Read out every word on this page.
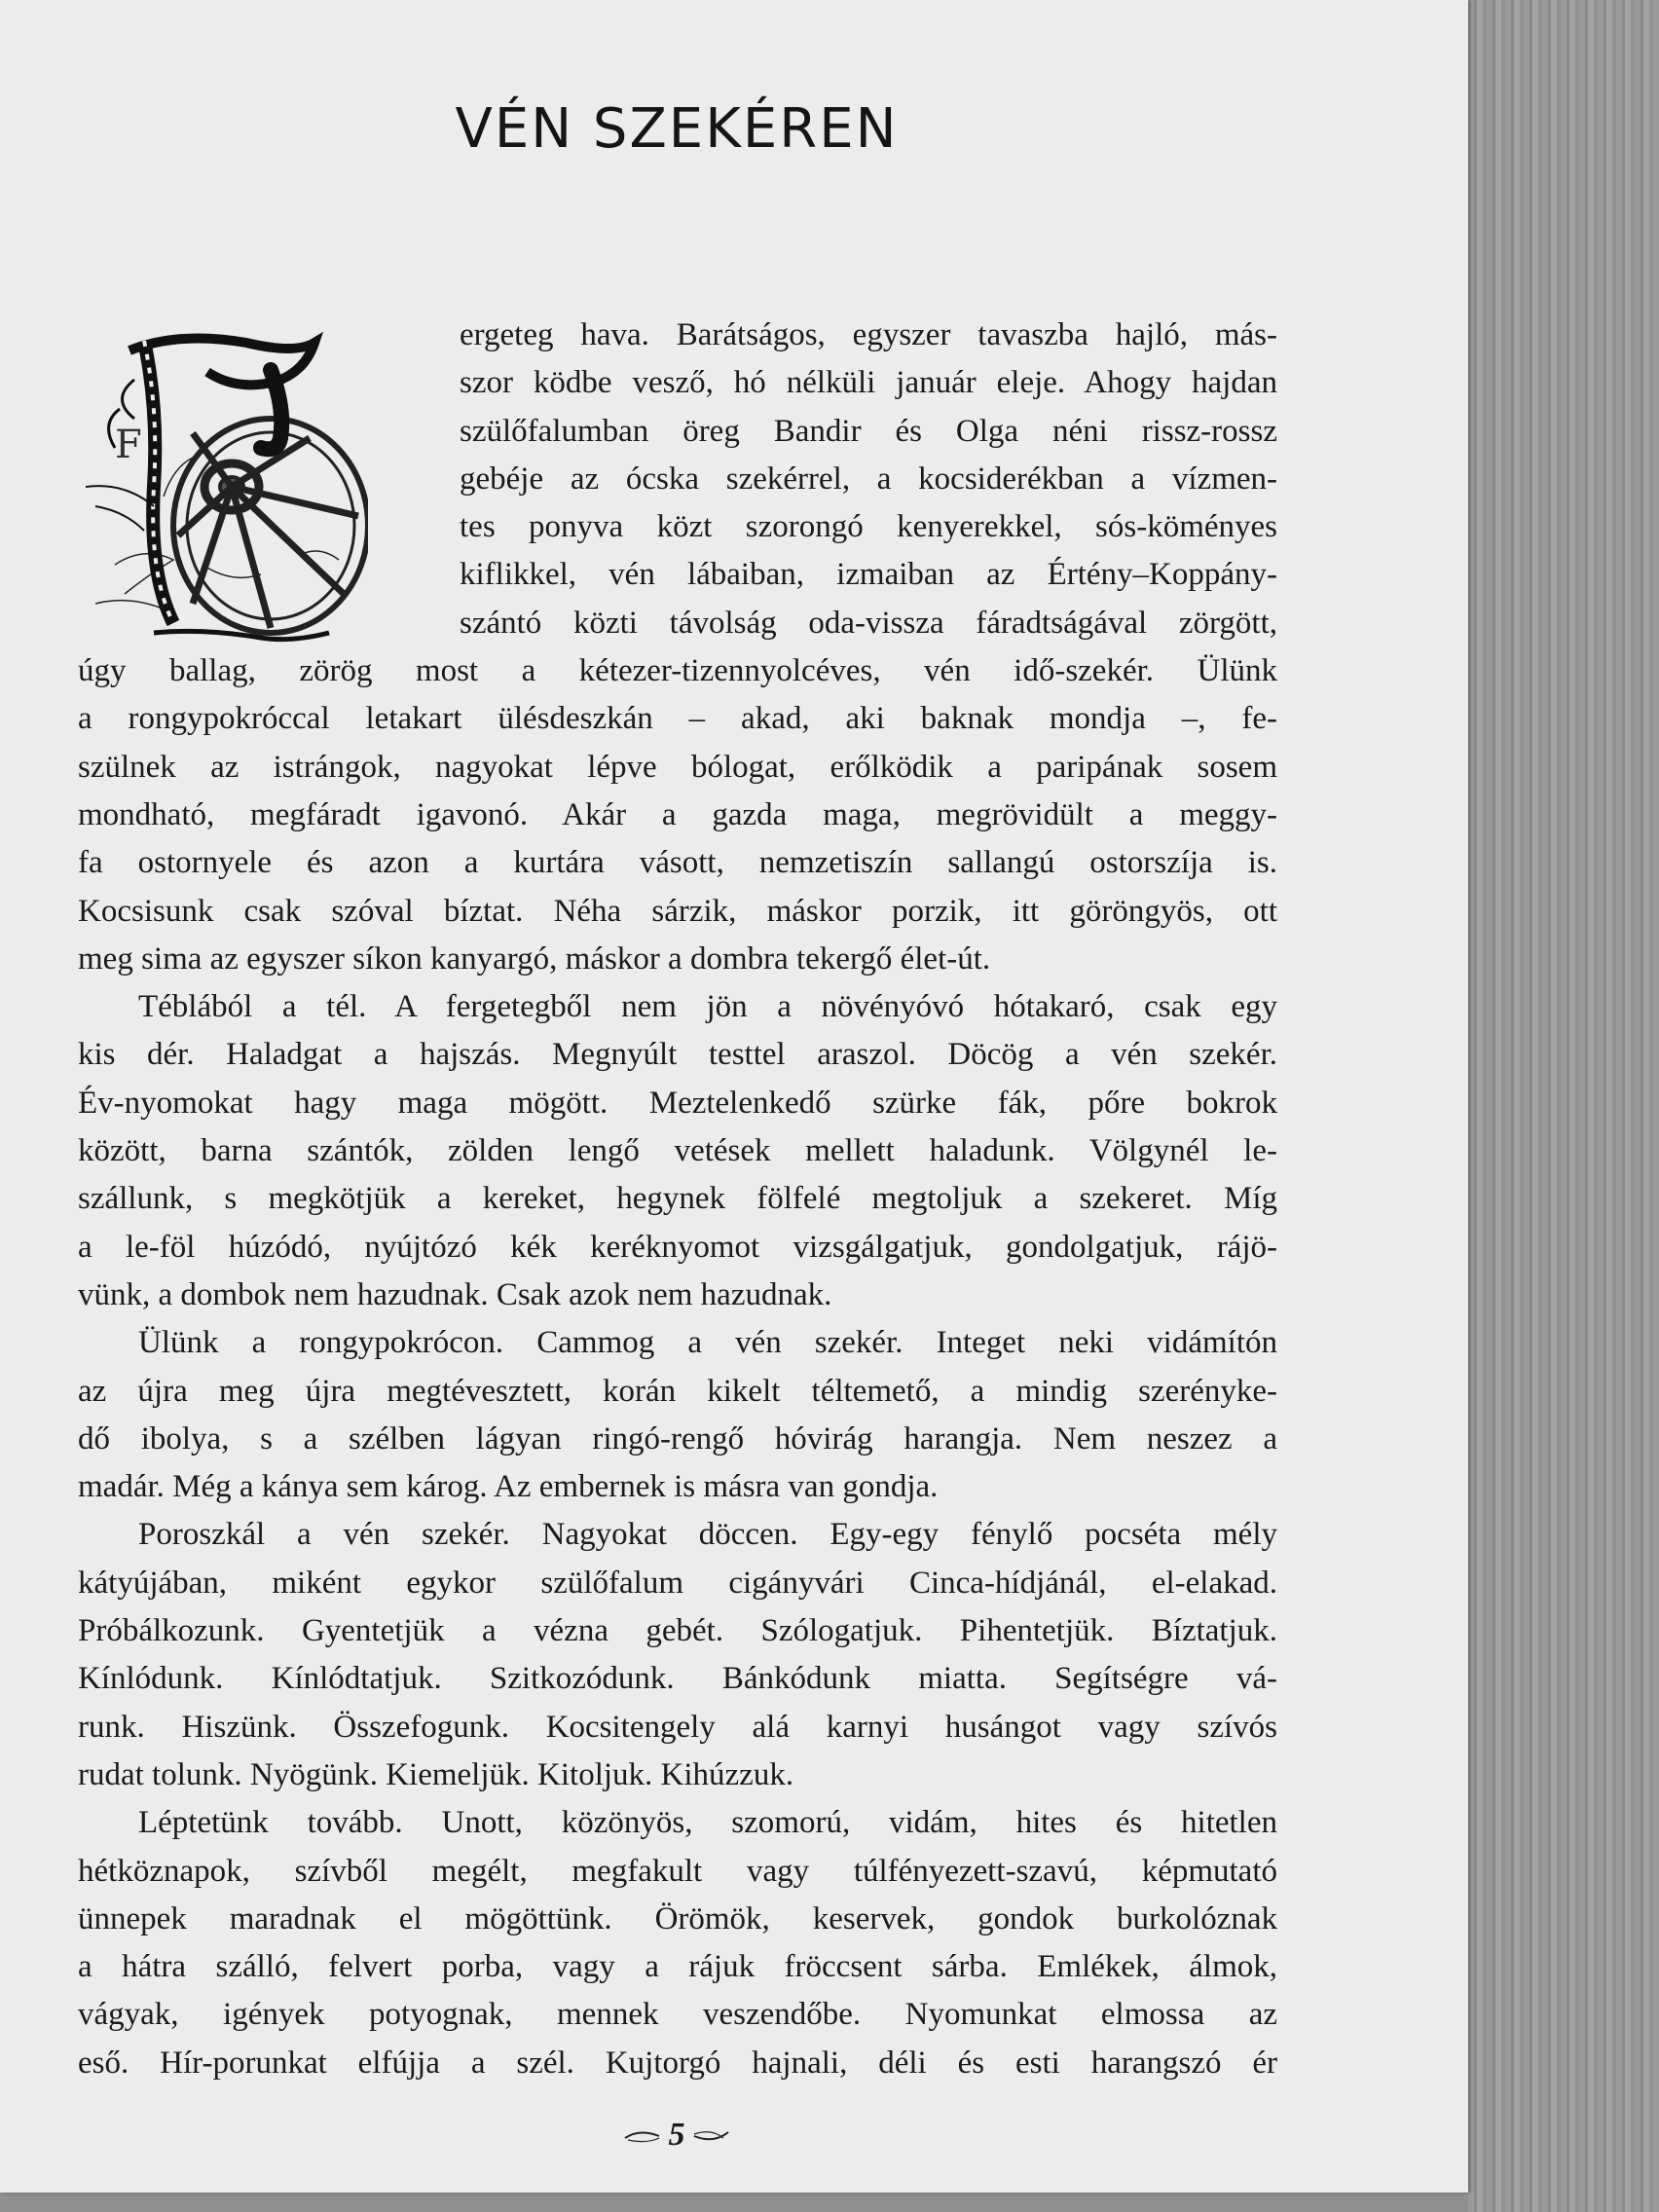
VÉN SZEKÉREN
F
ergeteg hava. Barátságos, egyszer tavaszba hajló, más-
szor ködbe vesző, hó nélküli január eleje. Ahogy hajdan
szülőfalumban öreg Bandir és Olga néni rissz-rossz
gebéje az ócska szekérrel, a kocsiderékban a vízmen-
tes ponyva közt szorongó kenyerekkel, sós-köményes
kiflikkel, vén lábaiban, izmaiban az Értény–Koppány-
szántó közti távolság oda-vissza fáradtságával zörgött,
úgy ballag, zörög most a kétezer-tizennyolcéves, vén idő-szekér. Ülünk
a rongypokróccal letakart ülésdeszkán – akad, aki baknak mondja –, fe-
szülnek az istrángok, nagyokat lépve bólogat, erőlködik a paripának sosem
mondható, megfáradt igavonó. Akár a gazda maga, megrövidült a meggy-
fa ostornyele és azon a kurtára vásott, nemzetiszín sallangú ostorszíja is.
Kocsisunk csak szóval bíztat. Néha sárzik, máskor porzik, itt göröngyös, ott
meg sima az egyszer síkon kanyargó, máskor a dombra tekergő élet-út.
Téblából a tél. A fergetegből nem jön a növényóvó hótakaró, csak egy
kis dér. Haladgat a hajszás. Megnyúlt testtel araszol. Döcög a vén szekér.
Év-nyomokat hagy maga mögött. Meztelenkedő szürke fák, pőre bokrok
között, barna szántók, zölden lengő vetések mellett haladunk. Völgynél le-
szállunk, s megkötjük a kereket, hegynek fölfelé megtoljuk a szekeret. Míg
a le-föl húzódó, nyújtózó kék keréknyomot vizsgálgatjuk, gondolgatjuk, rájö-
vünk, a dombok nem hazudnak. Csak azok nem hazudnak.
Ülünk a rongypokrócon. Cammog a vén szekér. Integet neki vidámítón
az újra meg újra megtévesztett, korán kikelt téltemető, a mindig szerényke-
dő ibolya, s a szélben lágyan ringó-rengő hóvirág harangja. Nem neszez a
madár. Még a kánya sem károg. Az embernek is másra van gondja.
Poroszkál a vén szekér. Nagyokat döccen. Egy-egy fénylő pocséta mély
kátyújában, miként egykor szülőfalum cigányvári Cinca-hídjánál, el-elakad.
Próbálkozunk. Gyentetjük a vézna gebét. Szólogatjuk. Pihentetjük. Bíztatjuk.
Kínlódunk. Kínlódtatjuk. Szitkozódunk. Bánkódunk miatta. Segítségre vá-
runk. Hiszünk. Összefogunk. Kocsitengely alá karnyi husángot vagy szívós
rudat tolunk. Nyögünk. Kiemeljük. Kitoljuk. Kihúzzuk.
Léptetünk tovább. Unott, közönyös, szomorú, vidám, hites és hitetlen
hétköznapok, szívből megélt, megfakult vagy túlfényezett-szavú, képmutató
ünnepek maradnak el mögöttünk. Örömök, keservek, gondok burkolóznak
a hátra szálló, felvert porba, vagy a rájuk fröccsent sárba. Emlékek, álmok,
vágyak, igények potyognak, mennek veszendőbe. Nyomunkat elmossa az
eső. Hír-porunkat elfújja a szél. Kujtorgó hajnali, déli és esti harangszó ér
5
